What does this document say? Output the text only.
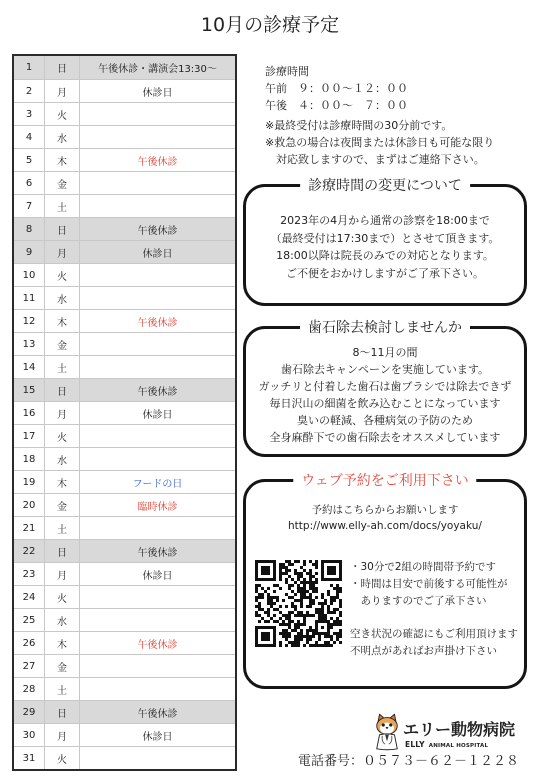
10月の診療予定
1	日	午後休診・講演会13:30〜
2	月	休診日
3	火
4	水
5	木	午後休診
6	金
7	土
8	日	午後休診
9	月	休診日
10	火
11	水
12	木	午後休診
13	金
14	土
15	日	午後休診
16	月	休診日
17	火
18	水
19	木	フードの日
20	金	臨時休診
21	土
22	日	午後休診
23	月	休診日
24	火
25	水
26	木	午後休診
27	金
28	土
29	日	午後休診
30	月	休診日
31	火
診療時間
午前　９：００〜１２：００
午後　４：００〜　７：００
※最終受付は診療時間の30分前です。
※救急の場合は夜間または休診日も可能な限り
対応致しますので、まずはご連絡下さい。
診療時間の変更について
2023年の4月から通常の診察を18:00まで
（最終受付は17:30まで）とさせて頂きます。
18:00以降は院長のみでの対応となります。
ご不便をおかけしますがご了承下さい。
歯石除去検討しませんか
8〜11月の間
歯石除去キャンペーンを実施しています。
ガッチリと付着した歯石は歯ブラシでは除去できず
毎日沢山の細菌を飲み込むことになっています
臭いの軽減、各種病気の予防のため
全身麻酔下での歯石除去をオススメしています
ウェブ予約をご利用下さい
予約はこちらからお願いします
http://www.elly-ah.com/docs/yoyaku/
・30分で2組の時間帯予約です
・時間は目安で前後する可能性が
ありますのでご了承下さい
空き状況の確認にもご利用頂けます
不明点があればお声掛け下さい
エリー動物病院
ELLY ANIMAL HOSPITAL
電話番号：０５７３－６２－１２２８
